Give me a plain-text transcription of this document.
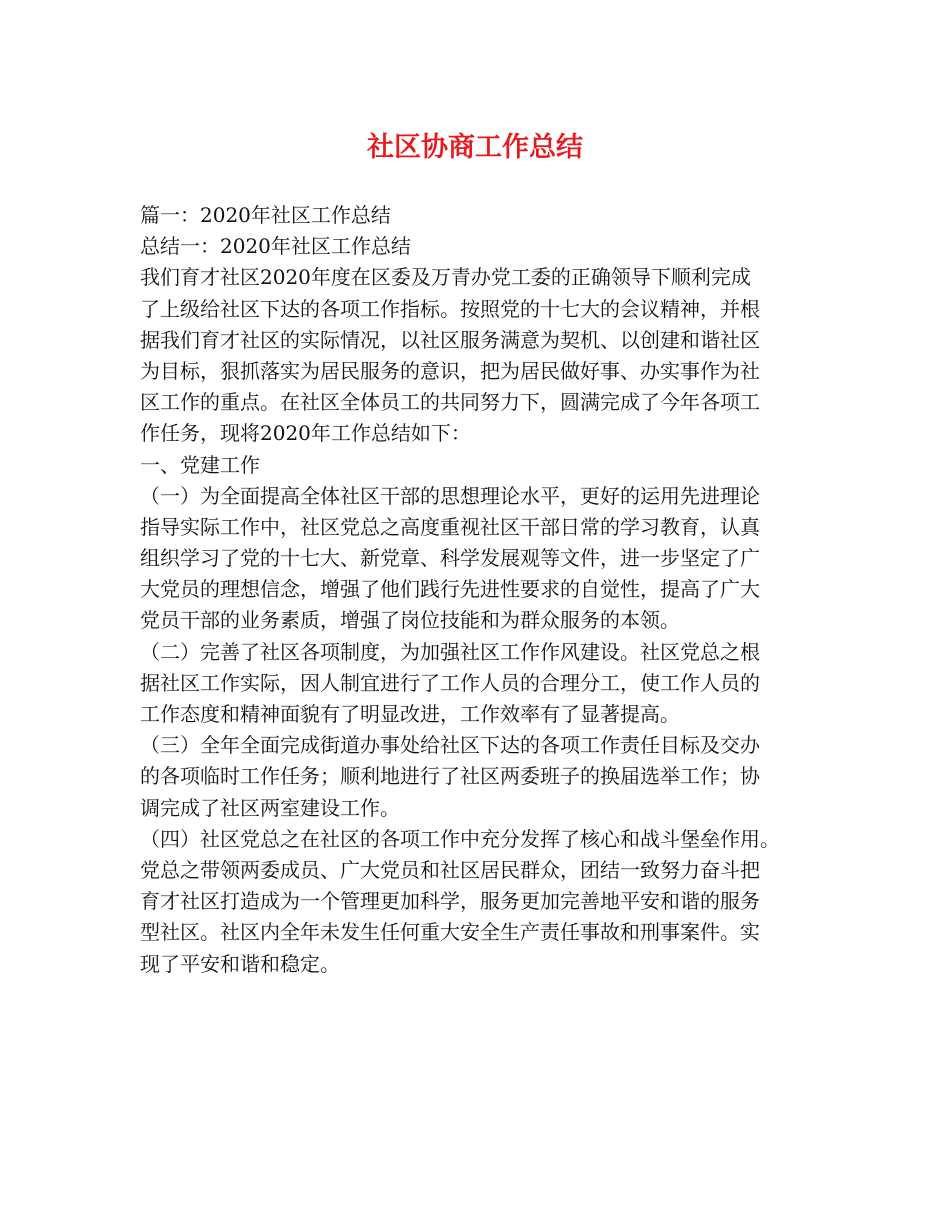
社区协商工作总结

篇一：2020年社区工作总结

总结一：2020年社区工作总结

我们育才社区2020年度在区委及万青办党工委的正确领导下顺利完成

了上级给社区下达的各项工作指标。按照党的十七大的会议精神，并根

据我们育才社区的实际情况，以社区服务满意为契机、以创建和谐社区

为目标，狠抓落实为居民服务的意识，把为居民做好事、办实事作为社

区工作的重点。在社区全体员工的共同努力下，圆满完成了今年各项工

作任务，现将2020年工作总结如下：

一、党建工作

（一）为全面提高全体社区干部的思想理论水平，更好的运用先进理论

指导实际工作中，社区党总之高度重视社区干部日常的学习教育，认真

组织学习了党的十七大、新党章、科学发展观等文件，进一步坚定了广

大党员的理想信念，增强了他们践行先进性要求的自觉性，提高了广大

党员干部的业务素质，增强了岗位技能和为群众服务的本领。

（二）完善了社区各项制度，为加强社区工作作风建设。社区党总之根

据社区工作实际，因人制宜进行了工作人员的合理分工，使工作人员的

工作态度和精神面貌有了明显改进，工作效率有了显著提高。

（三）全年全面完成街道办事处给社区下达的各项工作责任目标及交办

的各项临时工作任务；顺利地进行了社区两委班子的换届选举工作；协

调完成了社区两室建设工作。

（四）社区党总之在社区的各项工作中充分发挥了核心和战斗堡垒作用。

党总之带领两委成员、广大党员和社区居民群众，团结一致努力奋斗把

育才社区打造成为一个管理更加科学，服务更加完善地平安和谐的服务

型社区。社区内全年未发生任何重大安全生产责任事故和刑事案件。实

现了平安和谐和稳定。
